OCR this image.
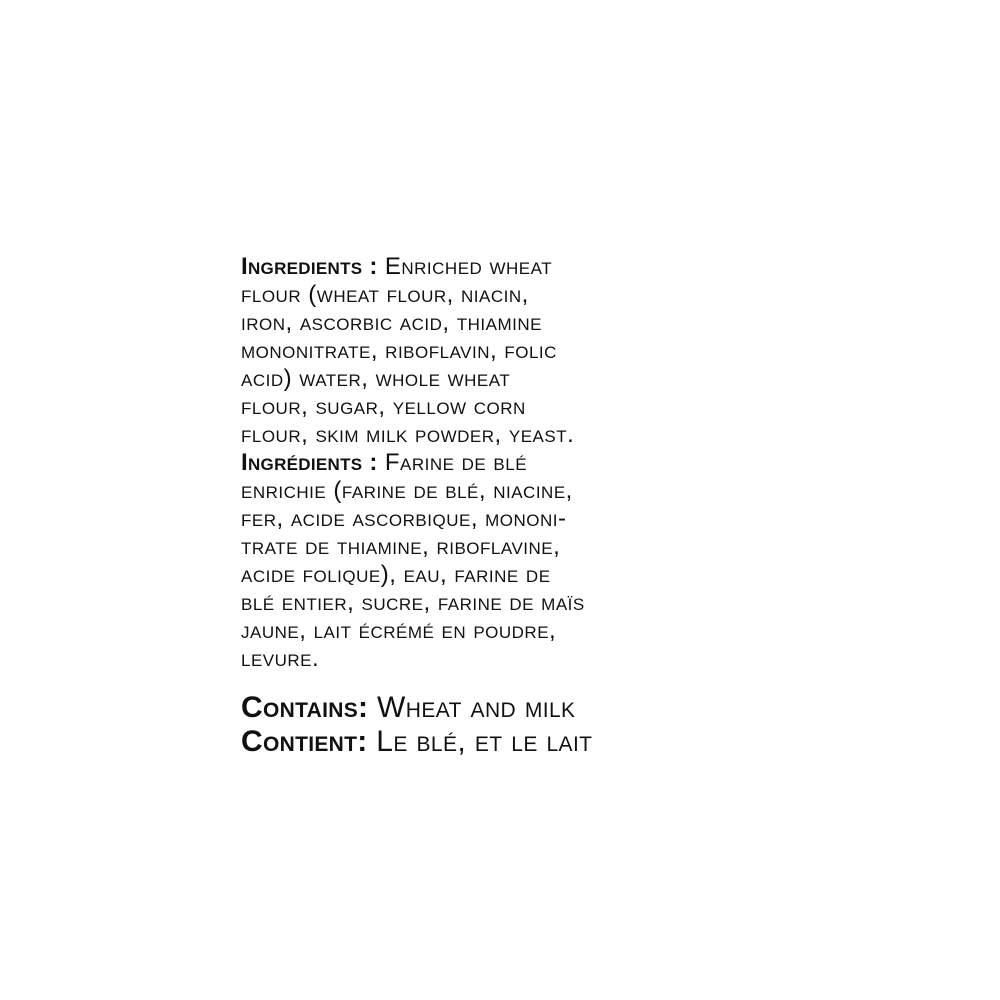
Ingredients : Enriched wheat
flour (wheat flour, niacin,
iron, ascorbic acid, thiamine
mononitrate, riboflavin, folic
acid) water, whole wheat
flour, sugar, yellow corn
flour, skim milk powder, yeast.

Ingrédients : Farine de blé
enrichie (farine de blé, niacine,
fer, acide ascorbique, mononi-
trate de thiamine, riboflavine,
acide folique), eau, farine de
blé entier, sucre, farine de maïs
jaune, lait écrémé en poudre,
levure.

Contains: Wheat and milk
Contient: Le blé, et le lait
